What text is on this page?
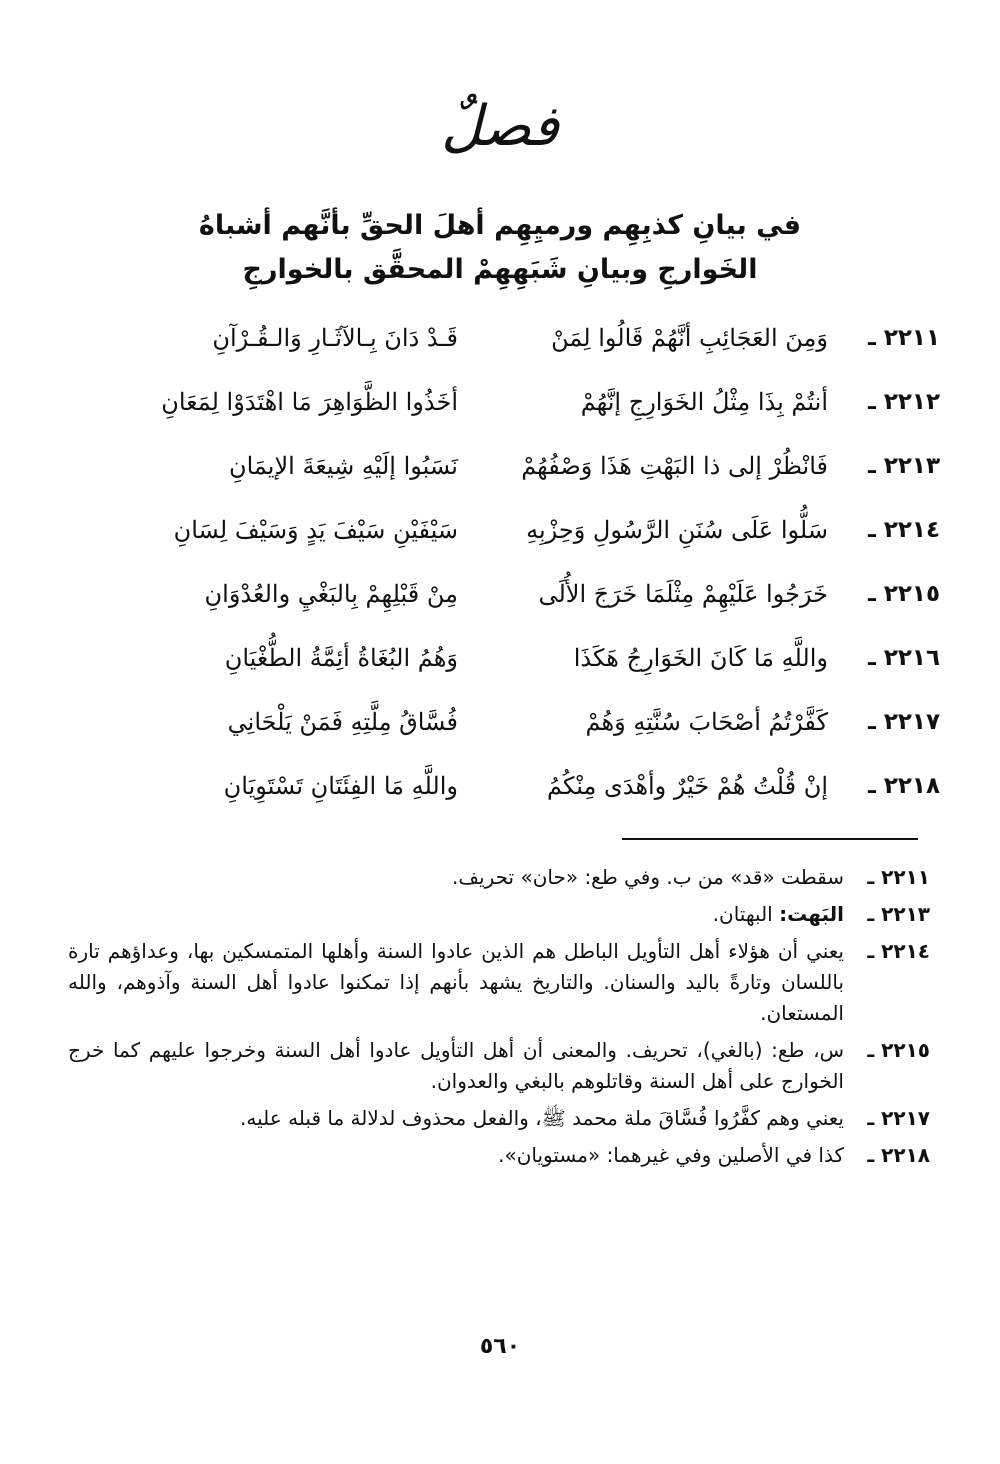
فصلٌ
في بيانِ كذبِهِم ورميِهِم أهلَ الحقِّ بأنَّهم أشباهُ
الخَوارجِ وبيانِ شَبَهِهِمْ المحقَّق بالخوارجِ
٢٢١١ ـ
وَمِنَ العَجَائِبِ أنَّهُمْ قَالُوا لِمَنْ
قَـدْ دَانَ بِـالآثَـارِ وَالـقُـرْآنِ
٢٢١٢ ـ
أنتُمْ بِذَا مِثْلُ الخَوَارِجِ إنَّهُمْ
أخَذُوا الظَّوَاهِرَ مَا اهْتَدَوْا لِمَعَانِ
٢٢١٣ ـ
فَانْظُرْ إلى ذا البَهْتِ هَذَا وَصْفُهُمْ
نَسَبُوا إلَيْهِ شِيعَةَ الإيمَانِ
٢٢١٤ ـ
سَلُّوا عَلَى سُنَنِ الرَّسُولِ وَحِزْبِهِ
سَيْفَيْنِ سَيْفَ يَدٍ وَسَيْفَ لِسَانِ
٢٢١٥ ـ
خَرَجُوا عَلَيْهِمْ مِثْلَمَا خَرَجَ الأُلَى
مِنْ قَبْلِهِمْ بِالبَغْيِ والعُدْوَانِ
٢٢١٦ ـ
واللَّهِ مَا كَانَ الخَوَارِجُ هَكَذَا
وَهُمُ البُغَاةُ أئِمَّةُ الطُّغْيَانِ
٢٢١٧ ـ
كَفَّرْتُمُ أصْحَابَ سُنَّتِهِ وَهُمْ
فُسَّاقُ مِلَّتِهِ فَمَنْ يَلْحَانِي
٢٢١٨ ـ
إنْ قُلْتُ هُمْ خَيْرٌ وأهْدَى مِنْكُمُ
واللَّهِ مَا الفِئَتَانِ تَسْتَوِيَانِ
٢٢١١ ـ
سقطت «قد» من ب. وفي طع: «حان» تحريف.
٢٢١٣ ـ
البَهت: البهتان.
٢٢١٤ ـ
يعني أن هؤلاء أهل التأويل الباطل هم الذين عادوا السنة وأهلها المتمسكين بها، وعداؤهم تارة باللسان وتارةً باليد والسنان. والتاريخ يشهد بأنهم إذا تمكنوا عادوا أهل السنة وآذوهم، والله المستعان.
٢٢١٥ ـ
س، طع: (بالغي)، تحريف. والمعنى أن أهل التأويل عادوا أهل السنة وخرجوا عليهم كما خرج الخوارج على أهل السنة وقاتلوهم بالبغي والعدوان.
٢٢١٧ ـ
يعني وهم كفَّرُوا فُسَّاقَ ملة محمد ﷺ، والفعل محذوف لدلالة ما قبله عليه.
٢٢١٨ ـ
كذا في الأصلين وفي غيرهما: «مستويان».
٥٦٠
